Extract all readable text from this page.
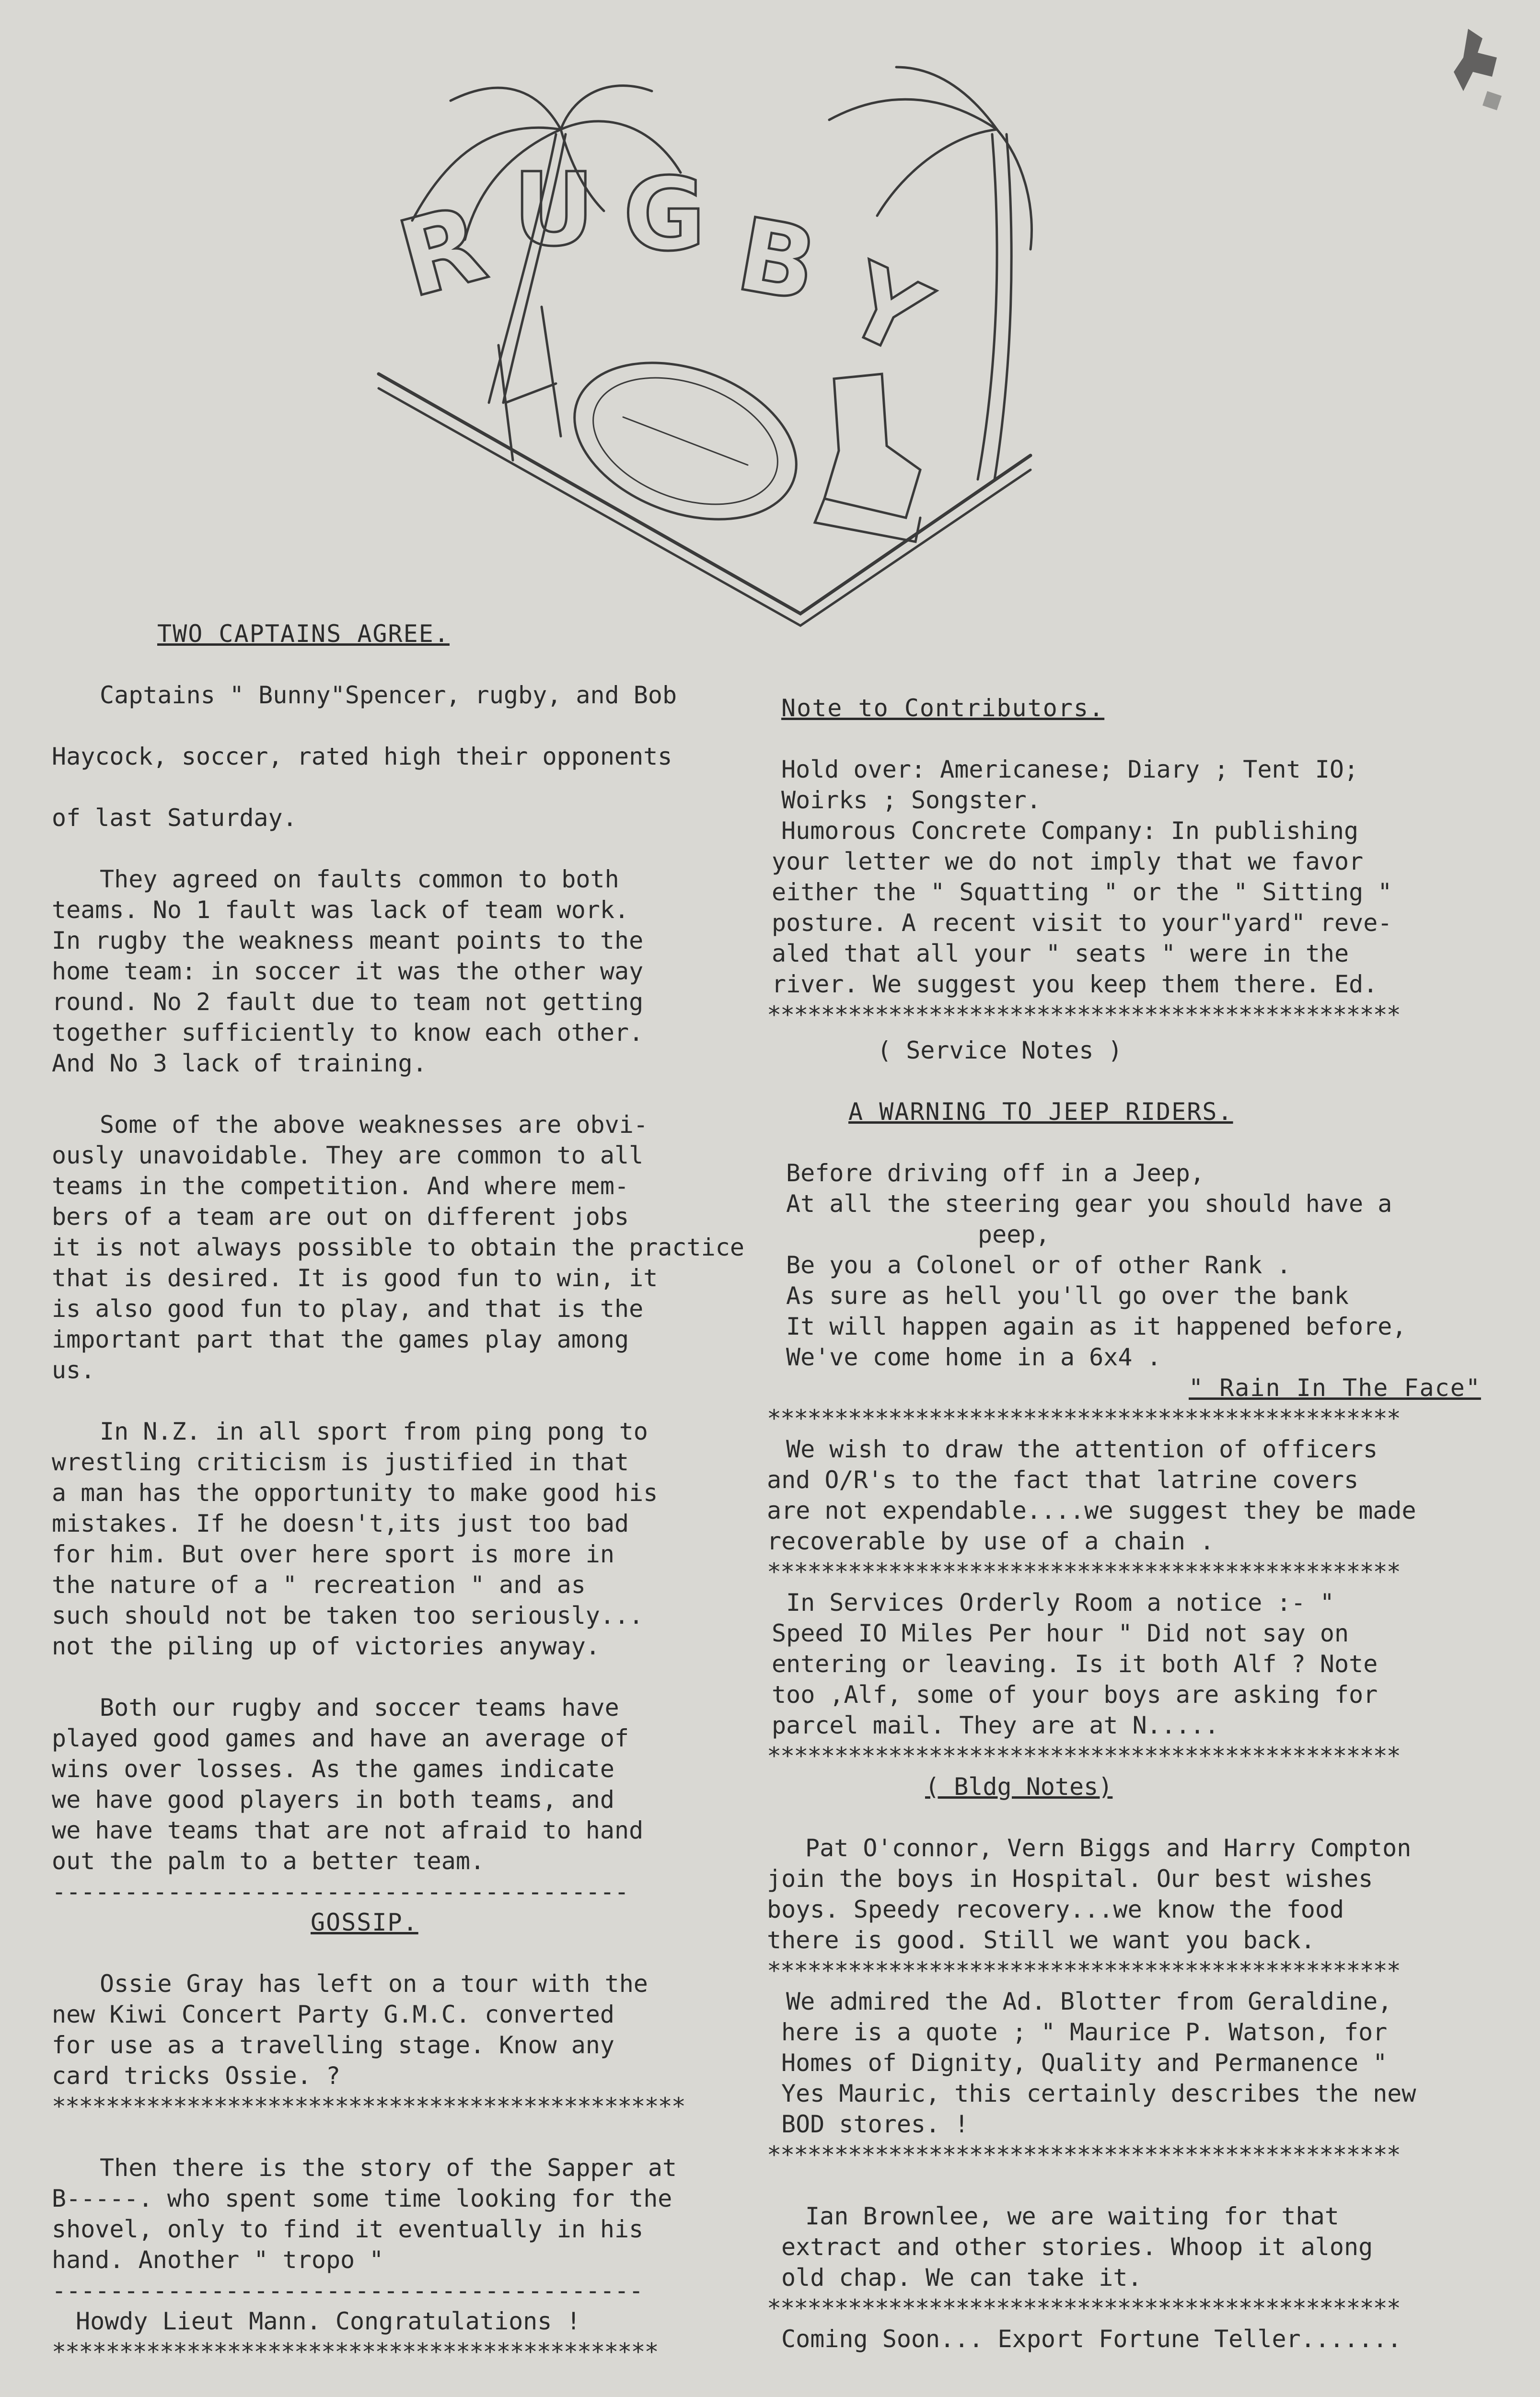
R U G B Y
TWO CAPTAINS AGREE.
Captains " Bunny"Spencer, rugby, and Bob
Haycock, soccer, rated high their opponents
of last Saturday.
They agreed on faults common to both
teams. No 1 fault was lack of team work.
In rugby the weakness meant points to the
home team: in soccer it was the other way
round. No 2 fault due to team not getting
together sufficiently to know each other.
And No 3 lack of training.
Some of the above weaknesses are obvi-
ously unavoidable. They are common to all
teams in the competition. And where mem-
bers of a team are out on different jobs
it is not always possible to obtain the practice
that is desired. It is good fun to win, it
is also good fun to play, and that is the
important part that the games play among
us.
In N.Z. in all sport from ping pong to
wrestling criticism is justified in that
a man has the opportunity to make good his
mistakes. If he doesn't,its just too bad
for him. But over here sport is more in
the nature of a " recreation " and as
such should not be taken too seriously...
not the piling up of victories anyway.
Both our rugby and soccer teams have
played good games and have an average of
wins over losses. As the games indicate
we have good players in both teams, and
we have teams that are not afraid to hand
out the palm to a better team.
----------------------------------------
GOSSIP.
Ossie Gray has left on a tour with the
new Kiwi Concert Party G.M.C. converted
for use as a travelling stage. Know any
card tricks Ossie. ?
***********************************************
Then there is the story of the Sapper at
B-----. who spent some time looking for the
shovel, only to find it eventually in his
hand. Another " tropo "
-----------------------------------------
Howdy Lieut Mann. Congratulations !
*********************************************
Note to Contributors.
Hold over: Americanese; Diary ; Tent IO;
Woirks ; Songster.
Humorous Concrete Company: In publishing
your letter we do not imply that we favor
either the " Squatting " or the " Sitting "
posture. A recent visit to your"yard" reve-
aled that all your " seats " were in the
river. We suggest you keep them there. Ed.
***********************************************
( Service Notes )
A WARNING TO JEEP RIDERS.
Before driving off in a Jeep,
At all the steering gear you should have a
peep,
Be you a Colonel or of other Rank .
As sure as hell you'll go over the bank
It will happen again as it happened before,
We've come home in a 6x4 .
" Rain In The Face"
***********************************************
We wish to draw the attention of officers
and O/R's to the fact that latrine covers
are not expendable....we suggest they be made
recoverable by use of a chain .
***********************************************
In Services Orderly Room a notice :- "
Speed IO Miles Per hour " Did not say on
entering or leaving. Is it both Alf ? Note
too ,Alf, some of your boys are asking for
parcel mail. They are at N.....
***********************************************
( Bldg Notes)
Pat O'connor, Vern Biggs and Harry Compton
join the boys in Hospital. Our best wishes
boys. Speedy recovery...we know the food
there is good. Still we want you back.
***********************************************
We admired the Ad. Blotter from Geraldine,
here is a quote ; " Maurice P. Watson, for
Homes of Dignity, Quality and Permanence "
Yes Mauric, this certainly describes the new
BOD stores. !
***********************************************
Ian Brownlee, we are waiting for that
extract and other stories. Whoop it along
old chap. We can take it.
***********************************************
Coming Soon... Export Fortune Teller.......
